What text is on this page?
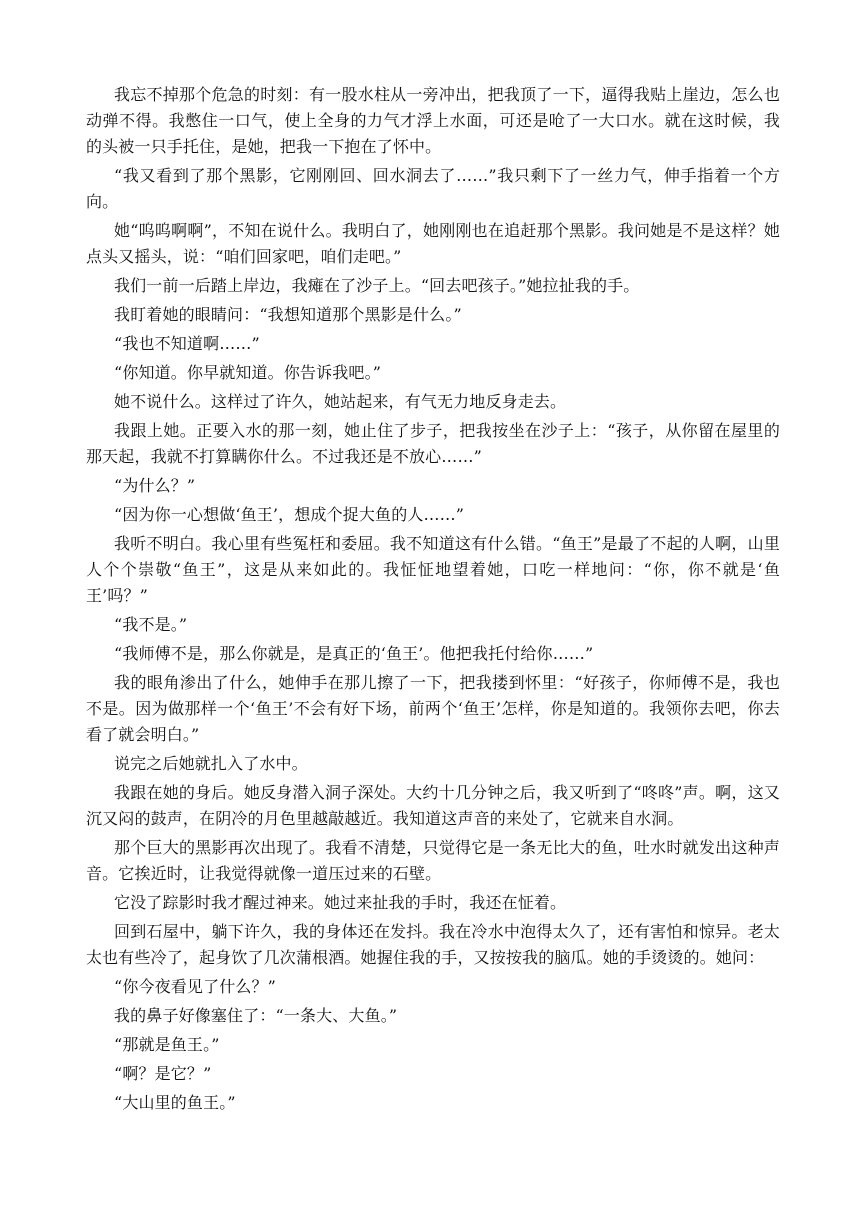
我忘不掉那个危急的时刻：有一股水柱从一旁冲出，把我顶了一下，逼得我贴上崖边，怎么也动弹不得。我憋住一口气，使上全身的力气才浮上水面，可还是呛了一大口水。就在这时候，我的头被一只手托住，是她，把我一下抱在了怀中。

“我又看到了那个黑影，它刚刚回、回水洞去了……”我只剩下了一丝力气，伸手指着一个方向。

她“呜呜啊啊”，不知在说什么。我明白了，她刚刚也在追赶那个黑影。我问她是不是这样？她点头又摇头，说：“咱们回家吧，咱们走吧。”

我们一前一后踏上岸边，我瘫在了沙子上。“回去吧孩子。”她拉扯我的手。

我盯着她的眼睛问：“我想知道那个黑影是什么。”

“我也不知道啊……”

“你知道。你早就知道。你告诉我吧。”

她不说什么。这样过了许久，她站起来，有气无力地反身走去。

我跟上她。正要入水的那一刻，她止住了步子，把我按坐在沙子上：“孩子，从你留在屋里的那天起，我就不打算瞒你什么。不过我还是不放心……”

“为什么？”

“因为你一心想做‘鱼王’，想成个捉大鱼的人……”

我听不明白。我心里有些冤枉和委屈。我不知道这有什么错。“鱼王”是最了不起的人啊，山里人个个崇敬“鱼王”，这是从来如此的。我怔怔地望着她，口吃一样地问：“你，你不就是‘鱼王’吗？”

“我不是。”

“我师傅不是，那么你就是，是真正的‘鱼王’。他把我托付给你……”

我的眼角渗出了什么，她伸手在那儿擦了一下，把我搂到怀里：“好孩子，你师傅不是，我也不是。因为做那样一个‘鱼王’不会有好下场，前两个‘鱼王’怎样，你是知道的。我领你去吧，你去看了就会明白。”

说完之后她就扎入了水中。

我跟在她的身后。她反身潜入洞子深处。大约十几分钟之后，我又听到了“咚咚”声。啊，这又沉又闷的鼓声，在阴冷的月色里越敲越近。我知道这声音的来处了，它就来自水洞。

那个巨大的黑影再次出现了。我看不清楚，只觉得它是一条无比大的鱼，吐水时就发出这种声音。它挨近时，让我觉得就像一道压过来的石壁。

它没了踪影时我才醒过神来。她过来扯我的手时，我还在怔着。

回到石屋中，躺下许久，我的身体还在发抖。我在冷水中泡得太久了，还有害怕和惊异。老太太也有些冷了，起身饮了几次蒲根酒。她握住我的手，又按按我的脑瓜。她的手烫烫的。她问：

“你今夜看见了什么？”

我的鼻子好像塞住了：“一条大、大鱼。”

“那就是鱼王。”

“啊？是它？”

“大山里的鱼王。”
